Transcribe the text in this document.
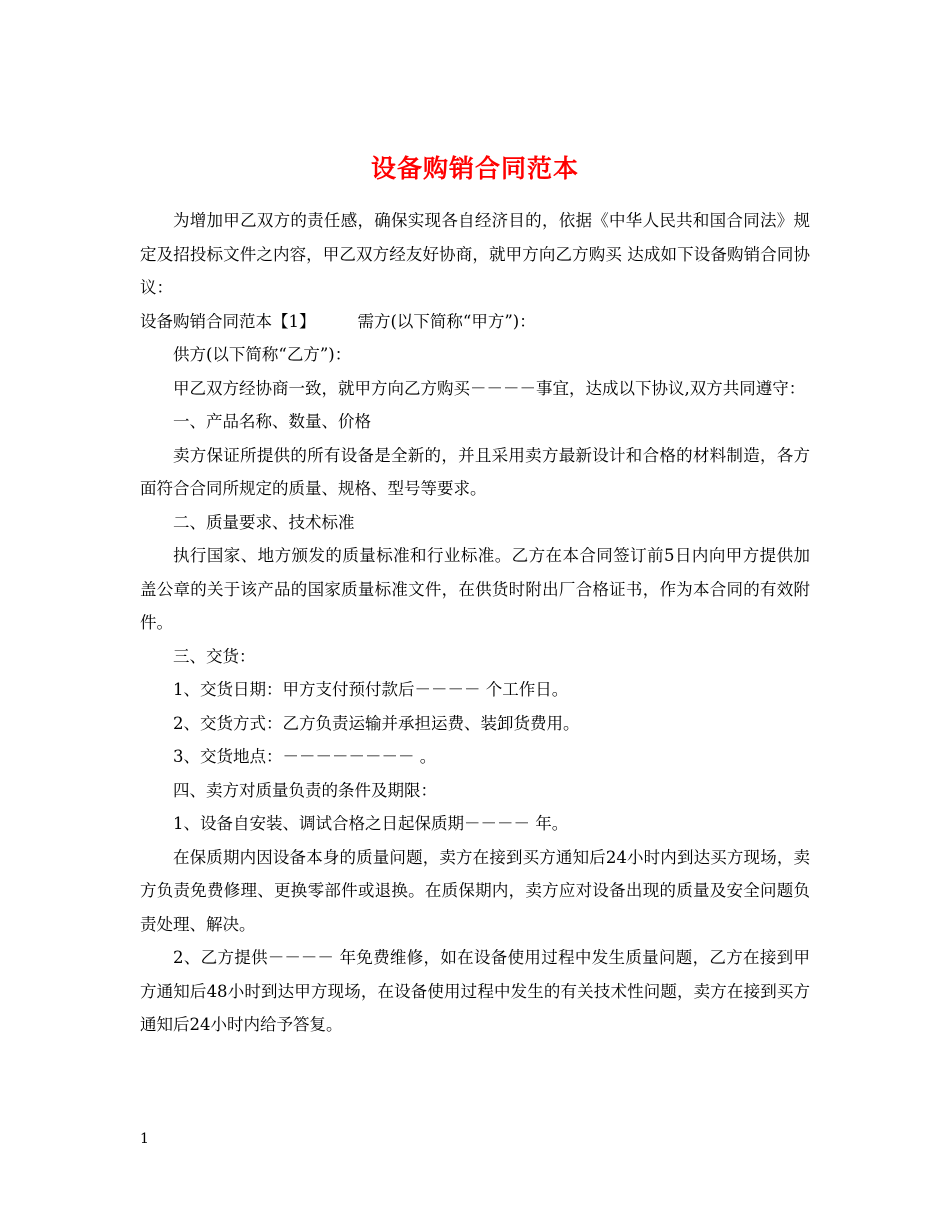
设备购销合同范本

为增加甲乙双方的责任感，确保实现各自经济目的，依据《中华人民共和国合同法》规定及招投标文件之内容，甲乙双方经友好协商，就甲方向乙方购买 达成如下设备购销合同协议：

设备购销合同范本【1】	需方(以下简称“甲方”)：

供方(以下简称“乙方”)：

甲乙双方经协商一致，就甲方向乙方购买－－－－事宜，达成以下协议,双方共同遵守：

一、产品名称、数量、价格

卖方保证所提供的所有设备是全新的，并且采用卖方最新设计和合格的材料制造，各方面符合合同所规定的质量、规格、型号等要求。

二、质量要求、技术标准

执行国家、地方颁发的质量标准和行业标准。乙方在本合同签订前5日内向甲方提供加盖公章的关于该产品的国家质量标准文件，在供货时附出厂合格证书，作为本合同的有效附件。

三、交货：

1、交货日期：甲方支付预付款后－－－－ 个工作日。

2、交货方式：乙方负责运输并承担运费、装卸货费用。

3、交货地点：－－－－－－－－ 。

四、卖方对质量负责的条件及期限：

1、设备自安装、调试合格之日起保质期－－－－ 年。

在保质期内因设备本身的质量问题，卖方在接到买方通知后24小时内到达买方现场，卖方负责免费修理、更换零部件或退换。在质保期内，卖方应对设备出现的质量及安全问题负责处理、解决。

2、乙方提供－－－－ 年免费维修，如在设备使用过程中发生质量问题，乙方在接到甲方通知后48小时到达甲方现场，在设备使用过程中发生的有关技术性问题，卖方在接到买方通知后24小时内给予答复。

1
